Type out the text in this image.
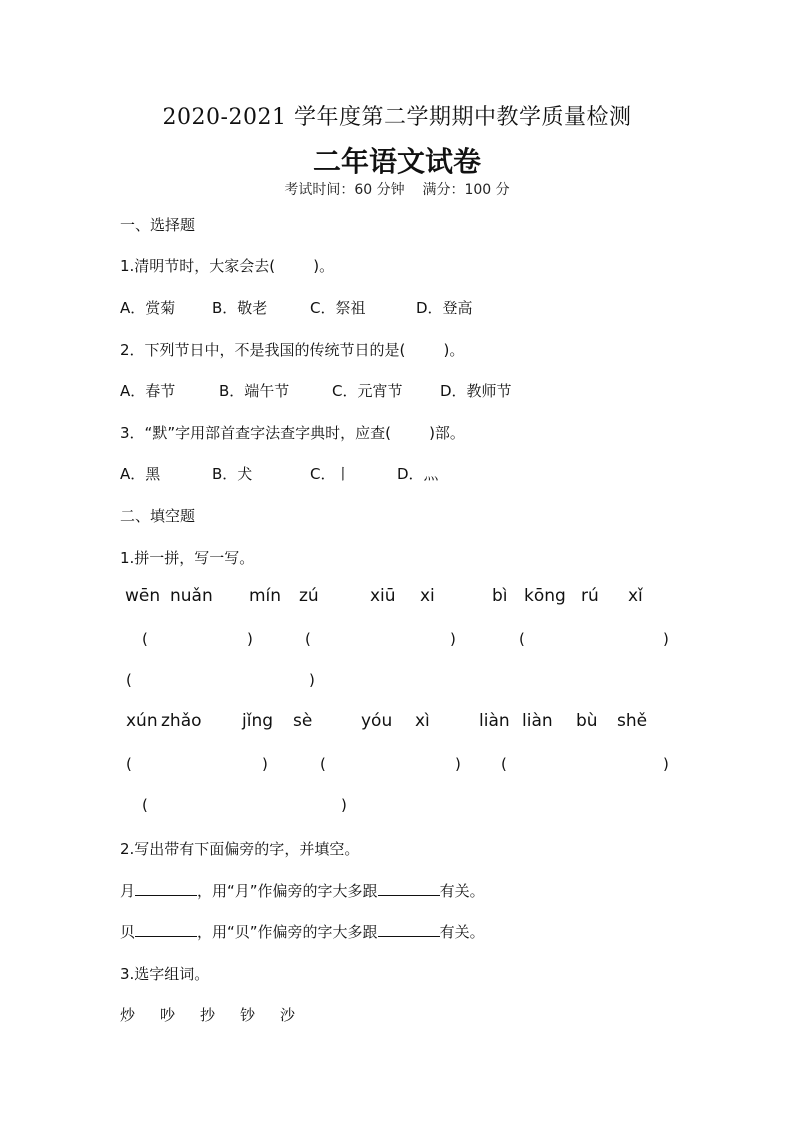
2020-2021 学年度第二学期期中教学质量检测
二年语文试卷
考试时间：60 分钟    满分：100 分
一、选择题
1.清明节时，大家会去(        )。
A．赏菊 B．敬老	C．祭祖	D．登高
2．下列节日中，不是我国的传统节日的是(        )。
A．春节	B．端午节	C．元宵节	D．教师节
3．“默”字用部首查字法查字典时，应查(        )部。
A．黑	B．犬	C．丨	D．灬
二、填空题
1.拼一拼，写一写。
wēn nuǎn mín zú	xiū xi	bì kōng rú xǐ
(	)	(	)	(	)
(	)
xún zhǎo jǐng sè	yóu xì	liàn liàn bù shě
(	)	(	)	(	)
(	)
2.写出带有下面偏旁的字，并填空。
月	，用“月”作偏旁的字大多跟	有关。
贝	，用“贝”作偏旁的字大多跟	有关。
3.选字组词。
炒 吵 抄 钞 沙
